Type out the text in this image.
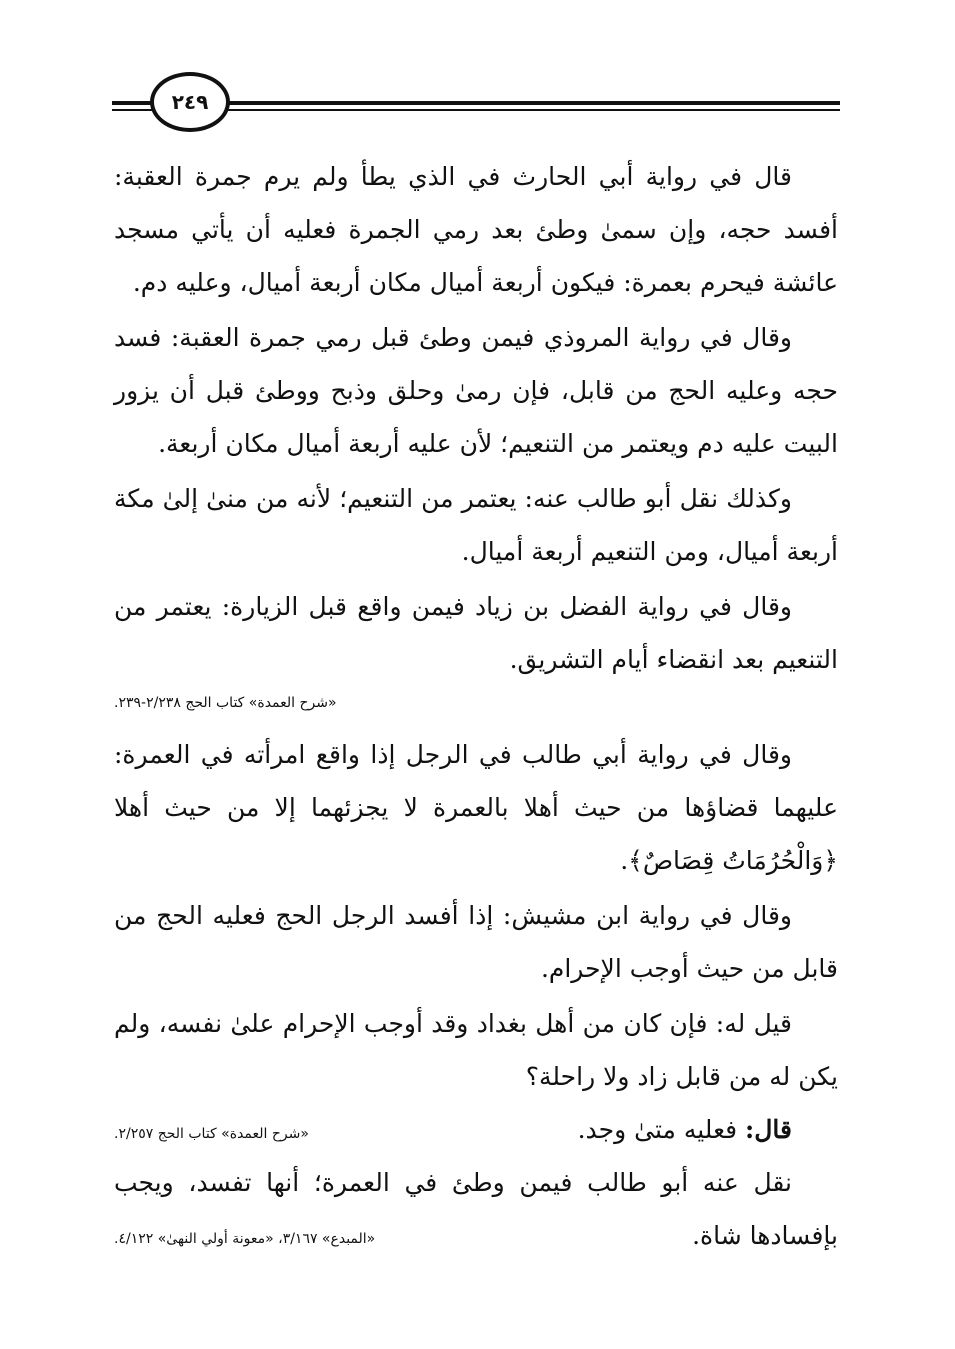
٢٤٩

قال في رواية أبي الحارث في الذي يطأ ولم يرم جمرة العقبة: أفسد حجه، وإن سمىٰ وطئ بعد رمي الجمرة فعليه أن يأتي مسجد عائشة فيحرم بعمرة: فيكون أربعة أميال مكان أربعة أميال، وعليه دم.

وقال في رواية المروذي فيمن وطئ قبل رمي جمرة العقبة: فسد حجه وعليه الحج من قابل، فإن رمىٰ وحلق وذبح ووطئ قبل أن يزور البيت عليه دم ويعتمر من التنعيم؛ لأن عليه أربعة أميال مكان أربعة.

وكذلك نقل أبو طالب عنه: يعتمر من التنعيم؛ لأنه من منىٰ إلىٰ مكة أربعة أميال، ومن التنعيم أربعة أميال.

وقال في رواية الفضل بن زياد فيمن واقع قبل الزيارة: يعتمر من التنعيم بعد انقضاء أيام التشريق.

«شرح العمدة» كتاب الحج ٢/٢٣٨-٢٣٩.

وقال في رواية أبي طالب في الرجل إذا واقع امرأته في العمرة: عليهما قضاؤها من حيث أهلا بالعمرة لا يجزئهما إلا من حيث أهلا ﴿وَالْحُرُمَاتُ قِصَاصٌ﴾.

وقال في رواية ابن مشيش: إذا أفسد الرجل الحج فعليه الحج من قابل من حيث أوجب الإحرام.

قيل له: فإن كان من أهل بغداد وقد أوجب الإحرام علىٰ نفسه، ولم يكن له من قابل زاد ولا راحلة؟

قال: فعليه متىٰ وجد.

«شرح العمدة» كتاب الحج ٢/٢٥٧.

نقل عنه أبو طالب فيمن وطئ في العمرة؛ أنها تفسد، ويجب بإفسادها شاة.

«المبدع» ٣/١٦٧، «معونة أولي النهىٰ» ٤/١٢٢.
